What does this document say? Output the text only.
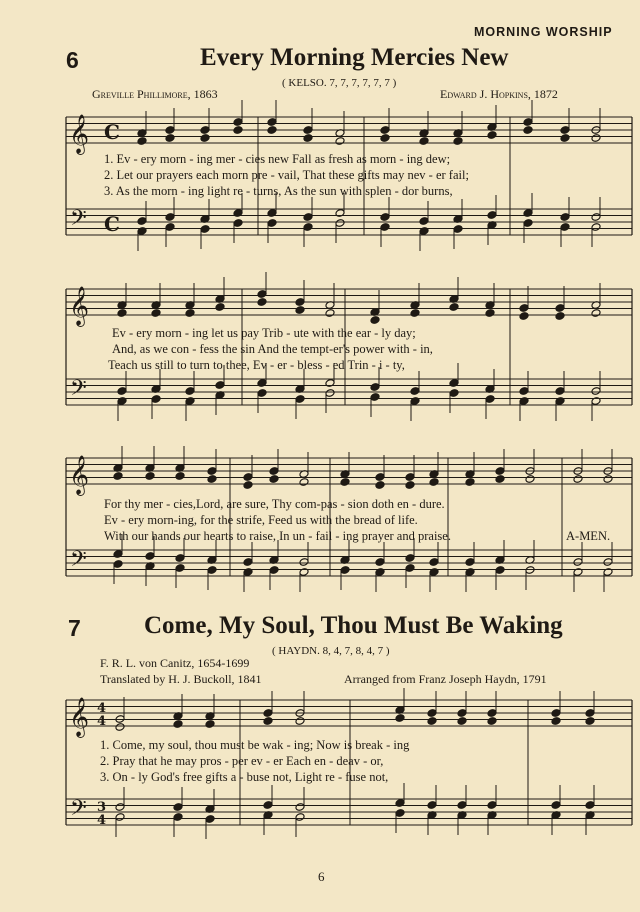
MORNING WORSHIP
6	Every Morning Mercies New
( KELSO. 7, 7, 7, 7, 7, 7 )
Greville Phillimore, 1863	Edward J. Hopkins, 1872
1. Ev - ery morn - ing mer - cies new Fall as fresh as morn - ing dew;
2. Let our prayers each morn pre - vail, That these gifts may nev - er fail;
3. As the morn - ing light re - turns, As the sun with splen - dor burns,
Ev - ery morn - ing let us pay Trib - ute with the ear - ly day;
And, as we con - fess the sin And the tempt-er's power with - in,
Teach us still to turn to thee, Ev - er - bless - ed Trin - i - ty,
For thy mer - cies,Lord, are sure, Thy com-pas - sion doth en - dure.
Ev - ery morn-ing, for the strife, Feed us with the bread of life.
With our hands our hearts to raise, In un - fail - ing prayer and praise.	A-MEN.
7	Come, My Soul, Thou Must Be Waking
( HAYDN. 8, 4, 7, 8, 4, 7 )
F. R. L. von Canitz, 1654-1699
Translated by H. J. Buckoll, 1841	Arranged from Franz Joseph Haydn, 1791
1. Come, my soul, thou must be wak - ing; Now is break - ing
2. Pray that he may pros - per ev - er Each en - deav - or,
3. On - ly God's free gifts a - buse not, Light re - fuse not,
6
𝄞
𝄢
𝄞
𝄢
𝄞
𝄢
𝄞
𝄢
C
C
4
3
4
4
